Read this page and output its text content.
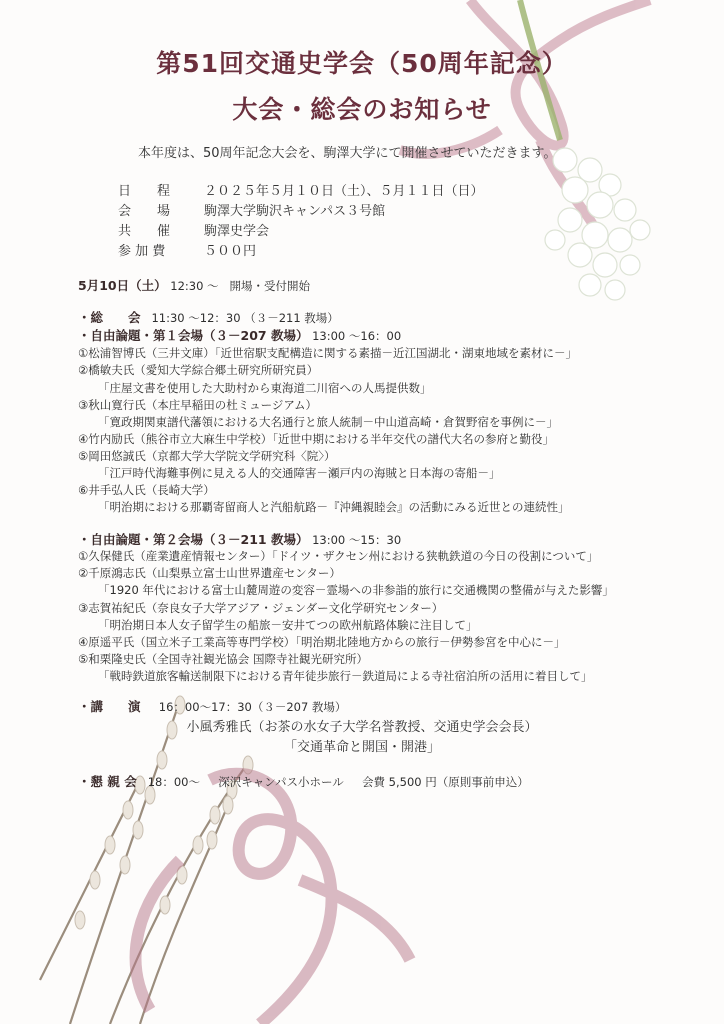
第51回交通史学会（50周年記念）
大会・総会のお知らせ
本年度は、50周年記念大会を、駒澤大学にて開催させていただきます。
日　　程	２０２５年５月１０日（土）、５月１１日（日）
会　　場	駒澤大学駒沢キャンパス３号館
共　　催	駒澤史学会
参 加 費	５００円
5月10日（土） 12:30 ～ 開場・受付開始
・総　　会 11:30 ～12：30 （３－211 教場）
・自由論題・第１会場（３－207 教場） 13:00 ～16：00
①松浦智博氏（三井文庫）「近世宿駅支配構造に関する素描－近江国湖北・湖東地域を素材に－」
②橋敏夫氏（愛知大学綜合郷土研究所研究員）
「庄屋文書を使用した大助村から東海道二川宿への人馬提供数」
③秋山寛行氏（本庄早稲田の杜ミュージアム）
「寛政期関東譜代藩領における大名通行と旅人統制－中山道高崎・倉賀野宿を事例に－」
④竹内励氏（熊谷市立大麻生中学校）「近世中期における半年交代の譜代大名の参府と勤役」
⑤岡田悠誠氏（京都大学大学院文学研究科〈院〉）
「江戸時代海難事例に見える人的交通障害－瀬戸内の海賊と日本海の寄船－」
⑥井手弘人氏（長崎大学）
「明治期における那覇寄留商人と汽船航路－『沖縄親睦会』の活動にみる近世との連続性」
・自由論題・第２会場（３－211 教場） 13:00 ～15：30
①久保健氏（産業遺産情報センター）「ドイツ・ザクセン州における狭軌鉄道の今日の役割について」
②千原鴻志氏（山梨県立富士山世界遺産センター）
「1920 年代における富士山麓周遊の変容－霊場への非参詣的旅行に交通機関の整備が与えた影響」
③志賀祐紀氏（奈良女子大学アジア・ジェンダー文化学研究センター）
「明治期日本人女子留学生の船旅－安井てつの欧州航路体験に注目して」
④原遥平氏（国立米子工業高等専門学校）「明治期北陸地方からの旅行－伊勢参宮を中心に－」
⑤和栗隆史氏（全国寺社観光協会 国際寺社観光研究所）
「戦時鉄道旅客輸送制限下における青年徒歩旅行－鉄道局による寺社宿泊所の活用に着目して」
・講　　演 16：00～17：30（３－207 教場）
小風秀雅氏（お茶の水女子大学名誉教授、交通史学会会長）
「交通革命と開国・開港」
・懇 親 会 18：00～ 深沢キャンパス小ホール 会費 5,500 円（原則事前申込）
